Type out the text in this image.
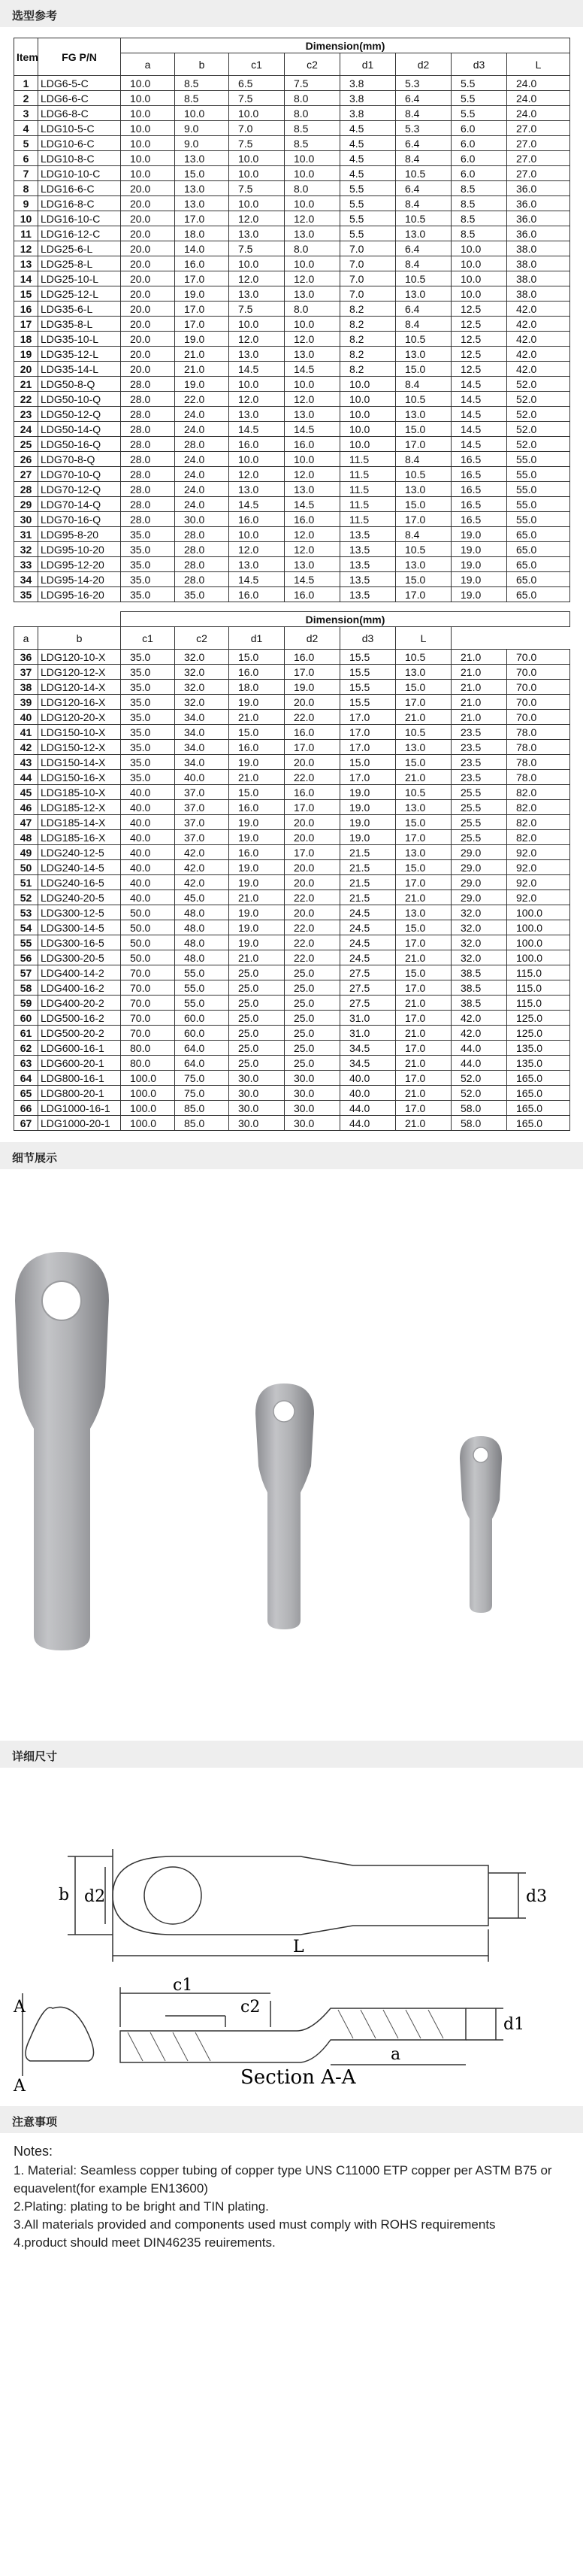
选型参考
Item	FG P/N	Dimension(mm)							
		a	b	c1	c2	d1	d2	d3	L
1	LDG6-5-C	10.0	8.5	6.5	7.5	3.8	5.3	5.5	24.0
2	LDG6-6-C	10.0	8.5	7.5	8.0	3.8	6.4	5.5	24.0
3	LDG6-8-C	10.0	10.0	10.0	8.0	3.8	8.4	5.5	24.0
4	LDG10-5-C	10.0	9.0	7.0	8.5	4.5	5.3	6.0	27.0
5	LDG10-6-C	10.0	9.0	7.5	8.5	4.5	6.4	6.0	27.0
6	LDG10-8-C	10.0	13.0	10.0	10.0	4.5	8.4	6.0	27.0
7	LDG10-10-C	10.0	15.0	10.0	10.0	4.5	10.5	6.0	27.0
8	LDG16-6-C	20.0	13.0	7.5	8.0	5.5	6.4	8.5	36.0
9	LDG16-8-C	20.0	13.0	10.0	10.0	5.5	8.4	8.5	36.0
10	LDG16-10-C	20.0	17.0	12.0	12.0	5.5	10.5	8.5	36.0
11	LDG16-12-C	20.0	18.0	13.0	13.0	5.5	13.0	8.5	36.0
12	LDG25-6-L	20.0	14.0	7.5	8.0	7.0	6.4	10.0	38.0
13	LDG25-8-L	20.0	16.0	10.0	10.0	7.0	8.4	10.0	38.0
14	LDG25-10-L	20.0	17.0	12.0	12.0	7.0	10.5	10.0	38.0
15	LDG25-12-L	20.0	19.0	13.0	13.0	7.0	13.0	10.0	38.0
16	LDG35-6-L	20.0	17.0	7.5	8.0	8.2	6.4	12.5	42.0
17	LDG35-8-L	20.0	17.0	10.0	10.0	8.2	8.4	12.5	42.0
18	LDG35-10-L	20.0	19.0	12.0	12.0	8.2	10.5	12.5	42.0
19	LDG35-12-L	20.0	21.0	13.0	13.0	8.2	13.0	12.5	42.0
20	LDG35-14-L	20.0	21.0	14.5	14.5	8.2	15.0	12.5	42.0
21	LDG50-8-Q	28.0	19.0	10.0	10.0	10.0	8.4	14.5	52.0
22	LDG50-10-Q	28.0	22.0	12.0	12.0	10.0	10.5	14.5	52.0
23	LDG50-12-Q	28.0	24.0	13.0	13.0	10.0	13.0	14.5	52.0
24	LDG50-14-Q	28.0	24.0	14.5	14.5	10.0	15.0	14.5	52.0
25	LDG50-16-Q	28.0	28.0	16.0	16.0	10.0	17.0	14.5	52.0
26	LDG70-8-Q	28.0	24.0	10.0	10.0	11.5	8.4	16.5	55.0
27	LDG70-10-Q	28.0	24.0	12.0	12.0	11.5	10.5	16.5	55.0
28	LDG70-12-Q	28.0	24.0	13.0	13.0	11.5	13.0	16.5	55.0
29	LDG70-14-Q	28.0	24.0	14.5	14.5	11.5	15.0	16.5	55.0
30	LDG70-16-Q	28.0	30.0	16.0	16.0	11.5	17.0	16.5	55.0
31	LDG95-8-20	35.0	28.0	10.0	12.0	13.5	8.4	19.0	65.0
32	LDG95-10-20	35.0	28.0	12.0	12.0	13.5	10.5	19.0	65.0
33	LDG95-12-20	35.0	28.0	13.0	13.0	13.5	13.0	19.0	65.0
34	LDG95-14-20	35.0	28.0	14.5	14.5	13.5	15.0	19.0	65.0
35	LDG95-16-20	35.0	35.0	16.0	16.0	13.5	17.0	19.0	65.0
		Dimension(mm)							
a	b	c1	c2	d1	d2	d3	L		
36	LDG120-10-X	35.0	32.0	15.0	16.0	15.5	10.5	21.0	70.0
37	LDG120-12-X	35.0	32.0	16.0	17.0	15.5	13.0	21.0	70.0
38	LDG120-14-X	35.0	32.0	18.0	19.0	15.5	15.0	21.0	70.0
39	LDG120-16-X	35.0	32.0	19.0	20.0	15.5	17.0	21.0	70.0
40	LDG120-20-X	35.0	34.0	21.0	22.0	17.0	21.0	21.0	70.0
41	LDG150-10-X	35.0	34.0	15.0	16.0	17.0	10.5	23.5	78.0
42	LDG150-12-X	35.0	34.0	16.0	17.0	17.0	13.0	23.5	78.0
43	LDG150-14-X	35.0	34.0	19.0	20.0	15.0	15.0	23.5	78.0
44	LDG150-16-X	35.0	40.0	21.0	22.0	17.0	21.0	23.5	78.0
45	LDG185-10-X	40.0	37.0	15.0	16.0	19.0	10.5	25.5	82.0
46	LDG185-12-X	40.0	37.0	16.0	17.0	19.0	13.0	25.5	82.0
47	LDG185-14-X	40.0	37.0	19.0	20.0	19.0	15.0	25.5	82.0
48	LDG185-16-X	40.0	37.0	19.0	20.0	19.0	17.0	25.5	82.0
49	LDG240-12-5	40.0	42.0	16.0	17.0	21.5	13.0	29.0	92.0
50	LDG240-14-5	40.0	42.0	19.0	20.0	21.5	15.0	29.0	92.0
51	LDG240-16-5	40.0	42.0	19.0	20.0	21.5	17.0	29.0	92.0
52	LDG240-20-5	40.0	45.0	21.0	22.0	21.5	21.0	29.0	92.0
53	LDG300-12-5	50.0	48.0	19.0	20.0	24.5	13.0	32.0	100.0
54	LDG300-14-5	50.0	48.0	19.0	22.0	24.5	15.0	32.0	100.0
55	LDG300-16-5	50.0	48.0	19.0	22.0	24.5	17.0	32.0	100.0
56	LDG300-20-5	50.0	48.0	21.0	22.0	24.5	21.0	32.0	100.0
57	LDG400-14-2	70.0	55.0	25.0	25.0	27.5	15.0	38.5	115.0
58	LDG400-16-2	70.0	55.0	25.0	25.0	27.5	17.0	38.5	115.0
59	LDG400-20-2	70.0	55.0	25.0	25.0	27.5	21.0	38.5	115.0
60	LDG500-16-2	70.0	60.0	25.0	25.0	31.0	17.0	42.0	125.0
61	LDG500-20-2	70.0	60.0	25.0	25.0	31.0	21.0	42.0	125.0
62	LDG600-16-1	80.0	64.0	25.0	25.0	34.5	17.0	44.0	135.0
63	LDG600-20-1	80.0	64.0	25.0	25.0	34.5	21.0	44.0	135.0
64	LDG800-16-1	100.0	75.0	30.0	30.0	40.0	17.0	52.0	165.0
65	LDG800-20-1	100.0	75.0	30.0	30.0	40.0	21.0	52.0	165.0
66	LDG1000-16-1	100.0	85.0	30.0	30.0	44.0	17.0	58.0	165.0
67	LDG1000-20-1	100.0	85.0	30.0	30.0	44.0	21.0	58.0	165.0
细节展示
详细尺寸
b d2	d3
L
A
A
c1
c2
d1
a
Section A-A
注意事项
Notes:
1. Material: Seamless copper tubing of copper type UNS C11000 ETP copper per ASTM B75 or equavelent(for example EN13600)
2.Plating: plating to be bright and TIN plating.
3.All materials provided and components used must comply with ROHS requirements
4.product should meet DIN46235 reuirements.
